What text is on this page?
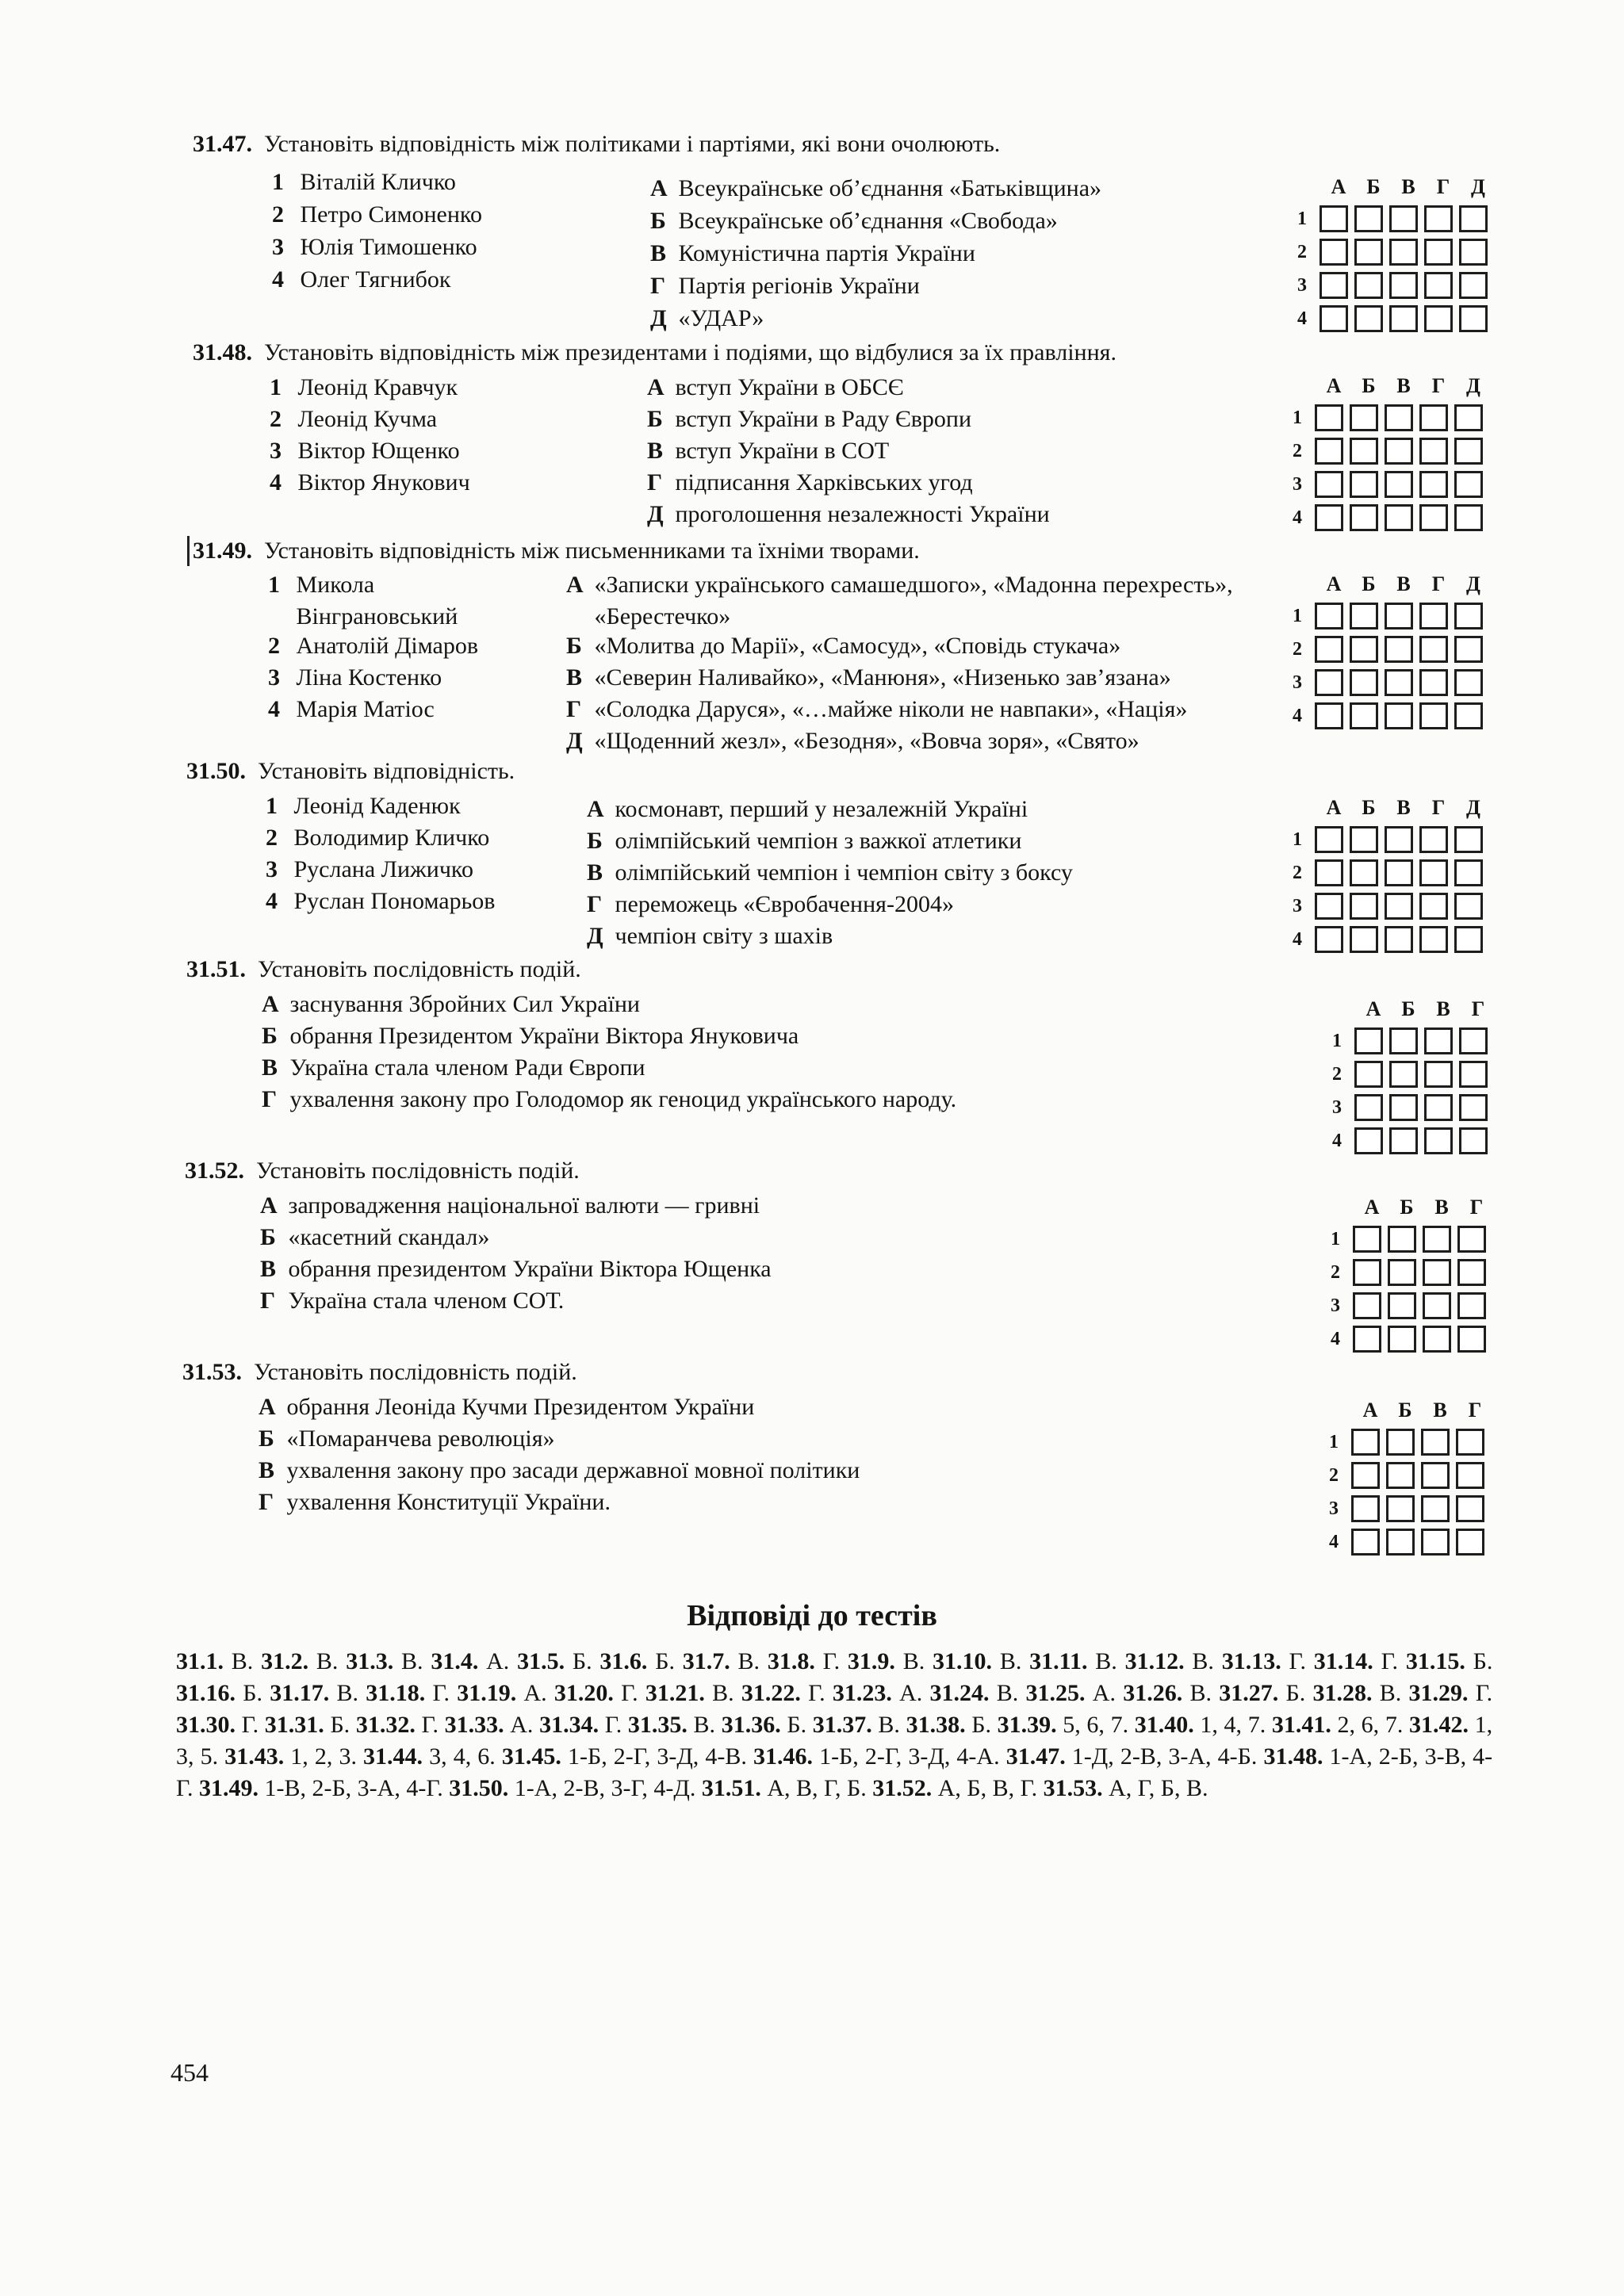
31.47. Установіть відповідність між політиками і партіями, які вони очолюють.
1 Віталій Кличко
2 Петро Симоненко
3 Юлія Тимошенко
4 Олег Тягнибок
А Всеукраїнське об’єднання «Батьківщина»
Б Всеукраїнське об’єднання «Свобода»
В Комуністична партія України
Г Партія регіонів України
Д «УДАР»
А Б В Г Д
1
2
3
4
31.48. Установіть відповідність між президентами і подіями, що відбулися за їх правління.
1 Леонід Кравчук
2 Леонід Кучма
3 Віктор Ющенко
4 Віктор Янукович
А вступ України в ОБСЄ
Б вступ України в Раду Європи
В вступ України в СОТ
Г підписання Харківських угод
Д проголошення незалежності України
А Б В Г Д
1
2
3
4
31.49. Установіть відповідність між письменниками та їхніми творами.
1 Микола Вінграновський
2 Анатолій Дімаров
3 Ліна Костенко
4 Марія Матіос
А «Записки українського самашедшого», «Мадонна перехресть», «Берестечко»
Б «Молитва до Марії», «Самосуд», «Сповідь стукача»
В «Северин Наливайко», «Манюня», «Низенько зав’язана»
Г «Солодка Даруся», «…майже ніколи не навпаки», «Нація»
Д «Щоденний жезл», «Безодня», «Вовча зоря», «Свято»
А Б В Г Д
1
2
3
4
31.50. Установіть відповідність.
1 Леонід Каденюк
2 Володимир Кличко
3 Руслана Лижичко
4 Руслан Пономарьов
А космонавт, перший у незалежній Україні
Б олімпійський чемпіон з важкої атлетики
В олімпійський чемпіон і чемпіон світу з боксу
Г переможець «Євробачення-2004»
Д чемпіон світу з шахів
А Б В Г Д
1
2
3
4
31.51. Установіть послідовність подій.
А заснування Збройних Сил України
Б обрання Президентом України Віктора Януковича
В Україна стала членом Ради Європи
Г ухвалення закону про Голодомор як геноцид українського народу.
А Б В Г
1
2
3
4
31.52. Установіть послідовність подій.
А запровадження національної валюти — гривні
Б «касетний скандал»
В обрання президентом України Віктора Ющенка
Г Україна стала членом СОТ.
А Б В Г
1
2
3
4
31.53. Установіть послідовність подій.
А обрання Леоніда Кучми Президентом України
Б «Помаранчева революція»
В ухвалення закону про засади державної мовної політики
Г ухвалення Конституції України.
А Б В Г
1
2
3
4
Відповіді до тестів
31.1. В. 31.2. В. 31.3. В. 31.4. А. 31.5. Б. 31.6. Б. 31.7. В. 31.8. Г. 31.9. В. 31.10. В. 31.11. В. 31.12. В. 31.13. Г. 31.14. Г. 31.15. Б. 31.16. Б. 31.17. В. 31.18. Г. 31.19. А. 31.20. Г. 31.21. В. 31.22. Г. 31.23. А. 31.24. В. 31.25. А. 31.26. В. 31.27. Б. 31.28. В. 31.29. Г. 31.30. Г. 31.31. Б. 31.32. Г. 31.33. А. 31.34. Г. 31.35. В. 31.36. Б. 31.37. В. 31.38. Б. 31.39. 5, 6, 7. 31.40. 1, 4, 7. 31.41. 2, 6, 7. 31.42. 1, 3, 5. 31.43. 1, 2, 3. 31.44. 3, 4, 6. 31.45. 1-Б, 2-Г, 3-Д, 4-В. 31.46. 1-Б, 2-Г, 3-Д, 4-А. 31.47. 1-Д, 2-В, 3-А, 4-Б. 31.48. 1-А, 2-Б, 3-В, 4-Г. 31.49. 1-В, 2-Б, 3-А, 4-Г. 31.50. 1-А, 2-В, 3-Г, 4-Д. 31.51. А, В, Г, Б. 31.52. А, Б, В, Г. 31.53. А, Г, Б, В.
454
